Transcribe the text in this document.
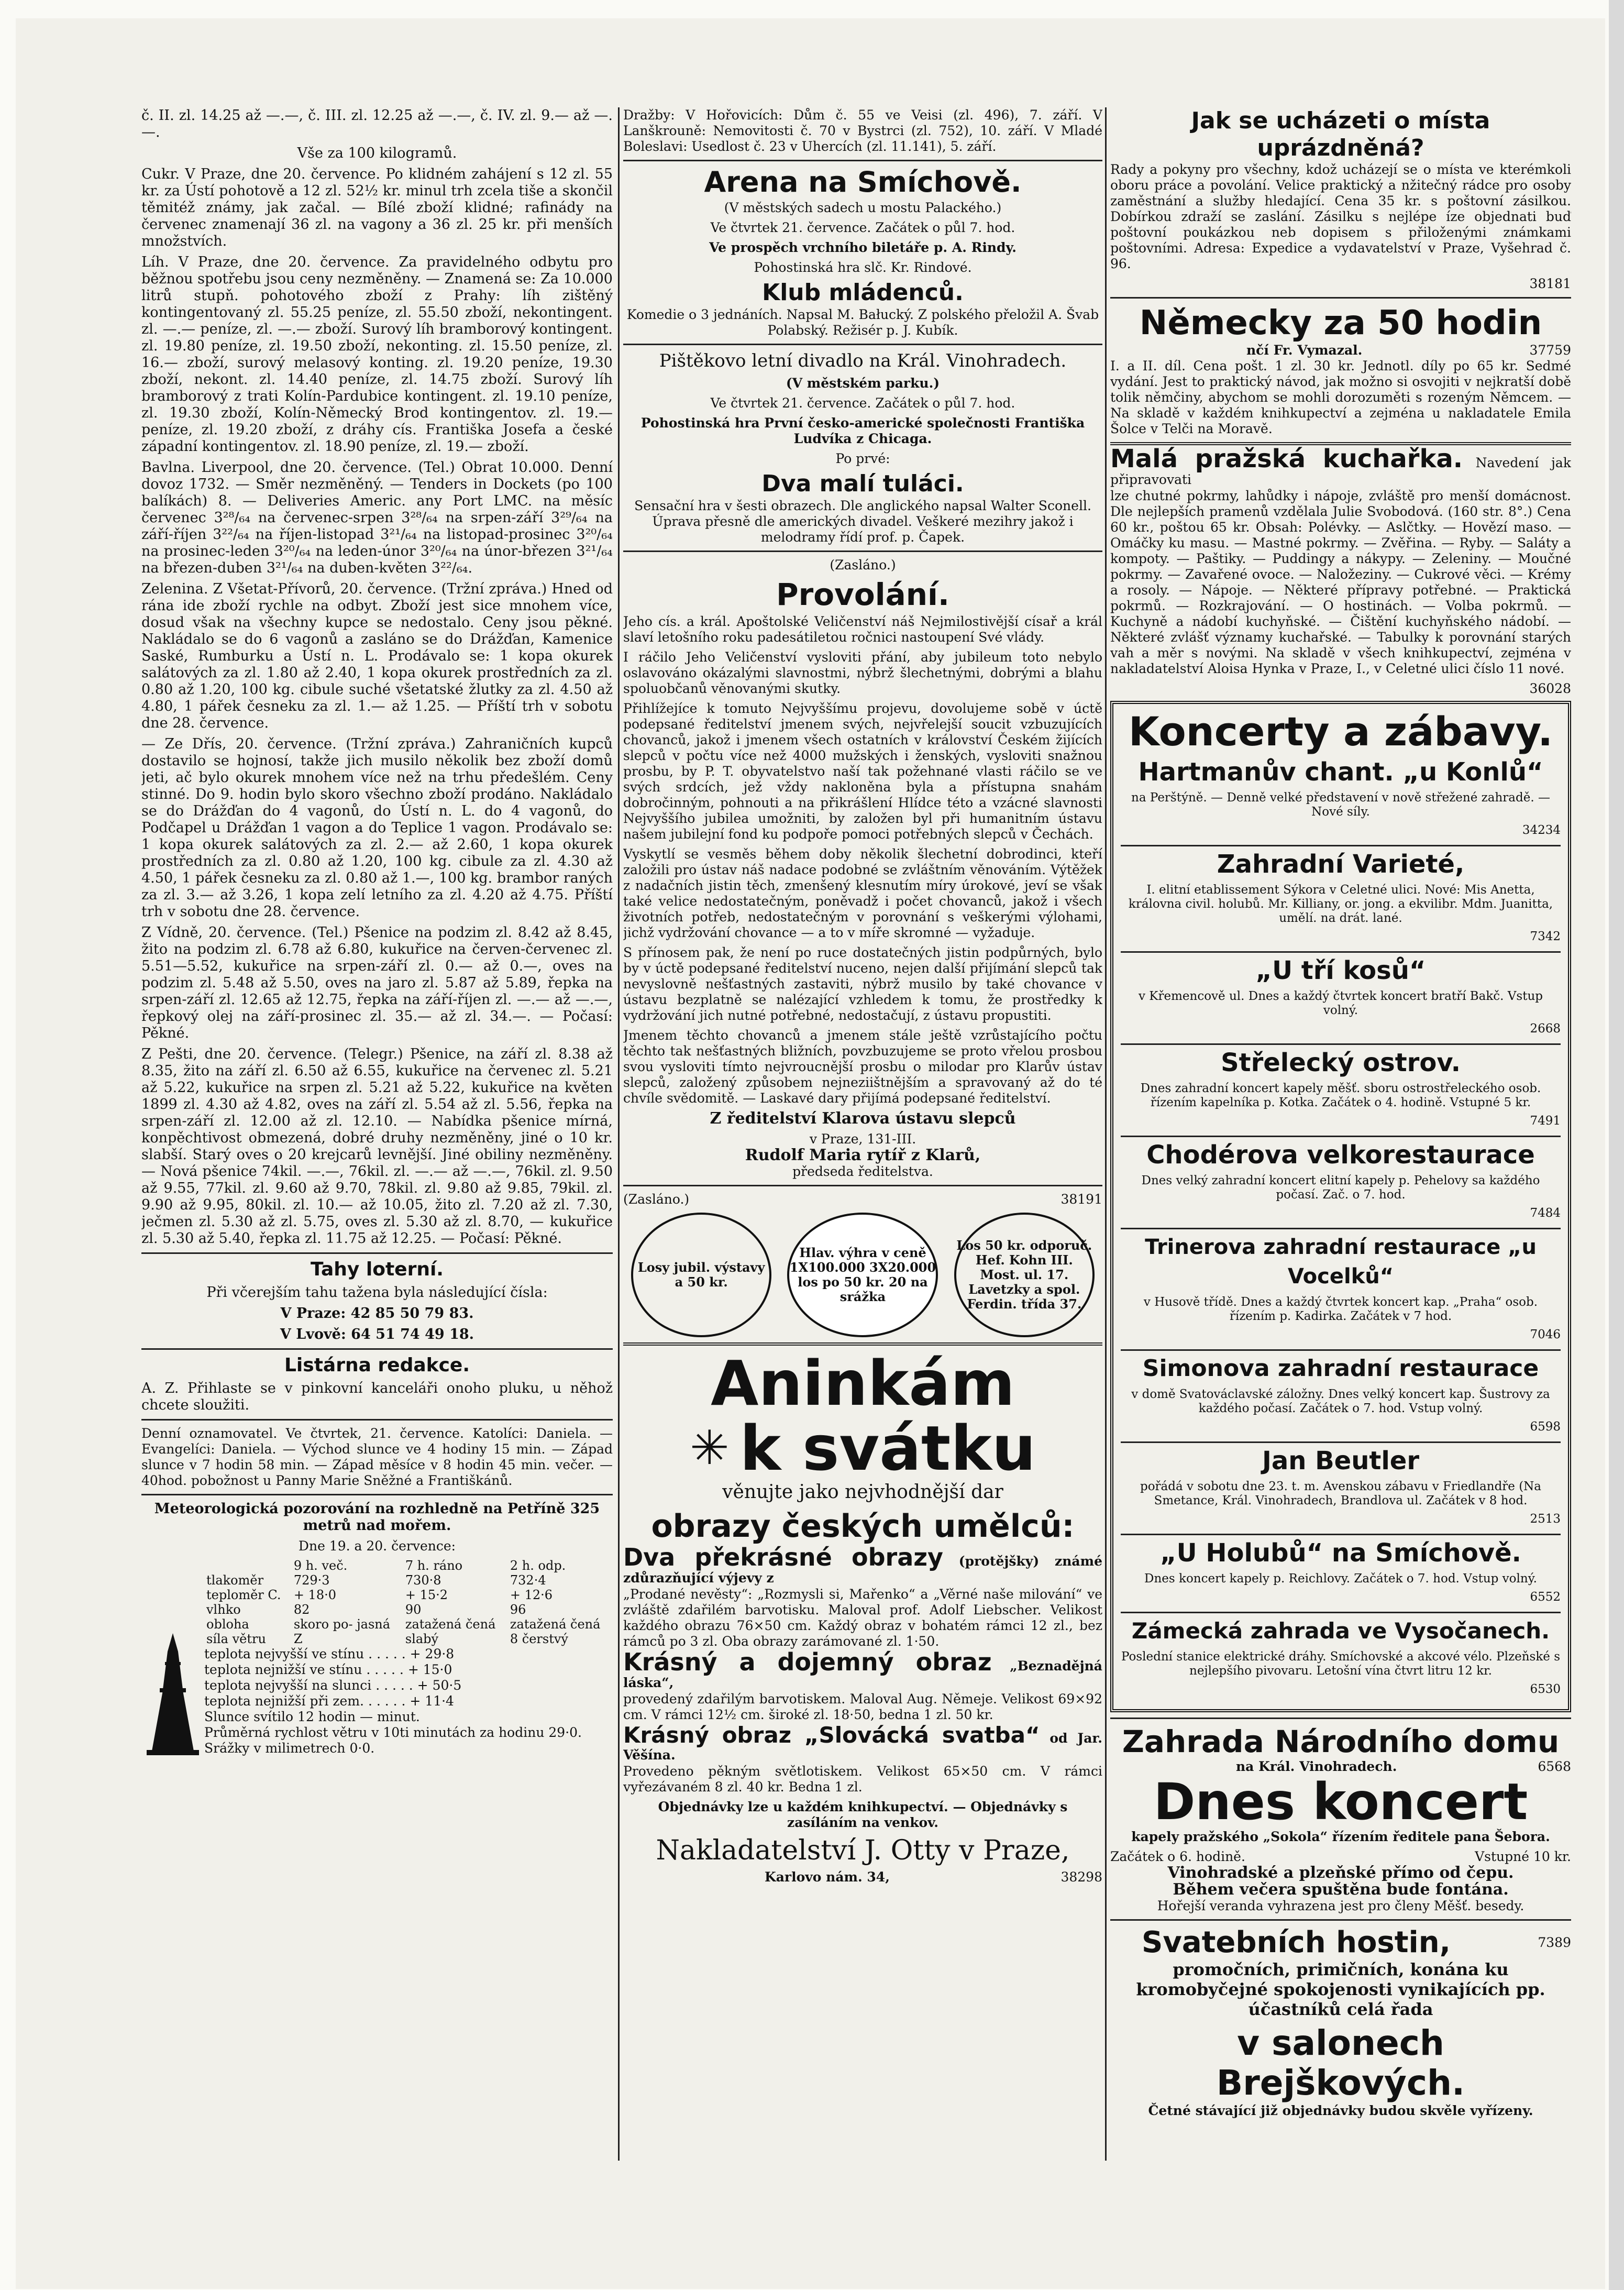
č. II. zl. 14.25 až —.—, č. III. zl. 12.25 až —.—, č. IV. zl. 9.— až —.—.

Vše za 100 kilogramů.

Cukr. V Praze, dne 20. července. Po klidném zahájení s 12 zl. 55 kr. za Ústí pohotově a 12 zl. 52½ kr. minul trh zcela tiše a skončil těmitéž známy, jak začal. — Bílé zboží klidné; rafinády na červenec znamenají 36 zl. na vagony a 36 zl. 25 kr. při menších množstvích.

Líh. V Praze, dne 20. července. Za pravidelného odbytu pro běžnou spotřebu jsou ceny nezměněny. — Znamená se: Za 10.000 litrů stupň. pohotového zboží z Prahy: líh zištěný kontingentovaný zl. 55.25 peníze, zl. 55.50 zboží, nekontingent. zl. —.— peníze, zl. —.— zboží. Surový líh bramborový kontingent. zl. 19.80 peníze, zl. 19.50 zboží, nekonting. zl. 15.50 peníze, zl. 16.— zboží, surový melasový konting. zl. 19.20 peníze, 19.30 zboží, nekont. zl. 14.40 peníze, zl. 14.75 zboží. Surový líh bramborový z trati Kolín-Pardubice kontingent. zl. 19.10 peníze, zl. 19.30 zboží, Kolín-Německý Brod kontingentov. zl. 19.— peníze, zl. 19.20 zboží, z dráhy cís. Františka Josefa a české západní kontingentov. zl. 18.90 peníze, zl. 19.— zboží.

Bavlna. Liverpool, dne 20. července. (Tel.) Obrat 10.000. Denní dovoz 1732. — Směr nezměněný. — Tenders in Dockets (po 100 balíkách) 8. — Deliveries Americ. any Port LMC. na měsíc červenec 3²⁸/₆₄ na červenec-srpen 3²⁸/₆₄ na srpen-září 3²⁹/₆₄ na září-říjen 3²²/₆₄ na říjen-listopad 3²¹/₆₄ na listopad-prosinec 3²⁰/₆₄ na prosinec-leden 3²⁰/₆₄ na leden-únor 3²⁰/₆₄ na únor-březen 3²¹/₆₄ na březen-duben 3²¹/₆₄ na duben-květen 3²²/₆₄.

Zelenina. Z Všetat-Přívorů, 20. července. (Tržní zpráva.) Hned od rána ide zboží rychle na odbyt. Zboží jest sice mnohem více, dosud však na všechny kupce se nedostalo. Ceny jsou pěkné. Nakládalo se do 6 vagonů a zasláno se do Drážďan, Kamenice Saské, Rumburku a Ústí n. L. Prodávalo se: 1 kopa okurek salátových za zl. 1.80 až 2.40, 1 kopa okurek prostředních za zl. 0.80 až 1.20, 100 kg. cibule suché všetatské žlutky za zl. 4.50 až 4.80, 1 pářek česneku za zl. 1.— až 1.25. — Příští trh v sobotu dne 28. července.

— Ze Dřís, 20. července. (Tržní zpráva.) Zahraničních kupců dostavilo se hojnosí, takže jich musilo několik bez zboží domů jeti, ač bylo okurek mnohem více než na trhu předešlém. Ceny stinné. Do 9. hodin bylo skoro všechno zboží prodáno. Nakládalo se do Drážďan do 4 vagonů, do Ústí n. L. do 4 vagonů, do Podčapel u Drážďan 1 vagon a do Teplice 1 vagon. Prodávalo se: 1 kopa okurek salátových za zl. 2.— až 2.60, 1 kopa okurek prostředních za zl. 0.80 až 1.20, 100 kg. cibule za zl. 4.30 až 4.50, 1 pářek česneku za zl. 0.80 až 1.—, 100 kg. brambor raných za zl. 3.— až 3.26, 1 kopa zelí letního za zl. 4.20 až 4.75. Příští trh v sobotu dne 28. července.

Z Vídně, 20. července. (Tel.) Pšenice na podzim zl. 8.42 až 8.45, žito na podzim zl. 6.78 až 6.80, kukuřice na červen-červenec zl. 5.51—5.52, kukuřice na srpen-září zl. 0.— až 0.—, oves na podzim zl. 5.48 až 5.50, oves na jaro zl. 5.87 až 5.89, řepka na srpen-září zl. 12.65 až 12.75, řepka na září-říjen zl. —.— až —.—, řepkový olej na září-prosinec zl. 35.— až zl. 34.—. — Počasí: Pěkné.

Z Pešti, dne 20. července. (Telegr.) Pšenice, na září zl. 8.38 až 8.35, žito na září zl. 6.50 až 6.55, kukuřice na červenec zl. 5.21 až 5.22, kukuřice na srpen zl. 5.21 až 5.22, kukuřice na květen 1899 zl. 4.30 až 4.82, oves na září zl. 5.54 až zl. 5.56, řepka na srpen-září zl. 12.00 až zl. 12.10. — Nabídka pšenice mírná, konpěchtivost obmezená, dobré druhy nezměněny, jiné o 10 kr. slabší. Starý oves o 20 krejcarů levnější. Jiné obiliny nezměněny. — Nová pšenice 74kil. —.—, 76kil. zl. —.— až —.—, 76kil. zl. 9.50 až 9.55, 77kil. zl. 9.60 až 9.70, 78kil. zl. 9.80 až 9.85, 79kil. zl. 9.90 až 9.95, 80kil. zl. 10.— až 10.05, žito zl. 7.20 až zl. 7.30, ječmen zl. 5.30 až zl. 5.75, oves zl. 5.30 až zl. 8.70, — kukuřice zl. 5.30 až 5.40, řepka zl. 11.75 až 12.25. — Počasí: Pěkné.

Tahy loterní.

Při včerejším tahu tažena byla následující čísla:

V Praze: 42 85 50 79 83.

V Lvově: 64 51 74 49 18.

Listárna redakce.

A. Z. Přihlaste se v pinkovní kanceláři onoho pluku, u něhož chcete sloužiti.

Denní oznamovatel. Ve čtvrtek, 21. července. Katolíci: Daniela. — Evangelíci: Daniela. — Východ slunce ve 4 hodiny 15 min. — Západ slunce v 7 hodin 58 min. — Západ měsíce v 8 hodin 45 min. večer. — 40hod. pobožnost u Panny Marie Sněžné a Františkánů.

Meteorologická pozorování na rozhledně na Petříně 325 metrů nad mořem.

Dne 19. a 20. července:

	9 h. več.	7 h. ráno	2 h. odp.
tlakoměr	729·3	730·8	732·4
teploměr C.	+ 18·0	+ 15·2	+ 12·6
vlhko	82	90	96
obloha	skoro po- jasná	zatažená čená	zatažená čená
síla větru	Z	slabý	8 čerstvý

teplota nejvyšší ve stínu . . . . . + 29·8

teplota nejnižší ve stínu . . . . . + 15·0

teplota nejvyšší na slunci . . . . . + 50·5

teplota nejnižší při zem. . . . . . + 11·4

Slunce svítilo 12 hodin — minut.

Průměrná rychlost větru v 10ti minutách za hodinu 29·0.

Srážky v milimetrech 0·0.

Dražby: V Hořovicích: Dům č. 55 ve Veisi (zl. 496), 7. září. V Lanškrouně: Nemovitosti č. 70 v Bystrci (zl. 752), 10. září. V Mladé Boleslavi: Usedlost č. 23 v Uhercích (zl. 11.141), 5. září.

Arena na Smíchově.

(V městských sadech u mostu Palackého.)

Ve čtvrtek 21. července. Začátek o půl 7. hod.

Ve prospěch vrchního biletáře p. A. Rindy.

Pohostinská hra slč. Kr. Rindové.

Klub mládenců.

Komedie o 3 jednáních. Napsal M. Bałucký. Z polského přeložil A. Švab Polabský. Režisér p. J. Kubík.

Pištěkovo letní divadlo na Král. Vinohradech.

(V městském parku.)

Ve čtvrtek 21. července. Začátek o půl 7. hod.

Pohostinská hra První česko-americké společnosti Františka Ludvíka z Chicaga.

Po prvé:

Dva malí tuláci.

Sensační hra v šesti obrazech. Dle anglického napsal Walter Sconell. Úprava přesně dle amerických divadel. Veškeré mezihry jakož i melodramy řídí prof. p. Čapek.

(Zasláno.)

Provolání.

Jeho cís. a král. Apoštolské Veličenství náš Nejmilostivější císař a král slaví letošního roku padesátiletou ročnici nastoupení Své vlády.

I ráčilo Jeho Veličenství vysloviti přání, aby jubileum toto nebylo oslavováno okázalými slavnostmi, nýbrž šlechetnými, dobrými a blahu spoluobčanů věnovanými skutky.

Přihlížejíce k tomuto Nejvyššímu projevu, dovolujeme sobě v úctě podepsané ředitelství jmenem svých, nejvřelejší soucit vzbuzujících chovanců, jakož i jmenem všech ostatních v království Českém žijících slepců v počtu více než 4000 mužských i ženských, vysloviti snažnou prosbu, by P. T. obyvatelstvo naší tak požehnané vlasti ráčilo se ve svých srdcích, jež vždy nakloněna byla a přístupna snahám dobročinným, pohnouti a na přikrášlení Hlídce této a vzácné slavnosti Nejvyššího jubilea umožniti, by založen byl při humanitním ústavu našem jubilejní fond ku podpoře pomoci potřebných slepců v Čechách.

Vyskytlí se vesměs během doby několik šlechetní dobrodinci, kteří založili pro ústav náš nadace podobné se zvláštním věnováním. Výtěžek z nadačních jistin těch, zmenšený klesnutím míry úrokové, jeví se však také velice nedostatečným, poněvadž i počet chovanců, jakož i všech životních potřeb, nedostatečným v porovnání s veškerými výlohami, jichž vydržování chovance — a to v míře skromné — vyžaduje.

S přínosem pak, že není po ruce dostatečných jistin podpůrných, bylo by v úctě podepsané ředitelství nuceno, nejen další přijímání slepců tak nevyslovně nešťastných zastaviti, nýbrž musilo by také chovance v ústavu bezplatně se nalézající vzhledem k tomu, že prostředky k vydržování jich nutné potřebné, nedostačují, z ústavu propustiti.

Jmenem těchto chovanců a jmenem stále ještě vzrůstajícího počtu těchto tak nešťastných bližních, povzbuzujeme se proto vřelou prosbou svou vysloviti tímto nejvroucnější prosbu o milodar pro Klarův ústav slepců, založený způsobem nejneziištnějším a spravovaný až do té chvíle svědomitě. — Laskavé dary přijímá podepsané ředitelství.

Z ředitelství Klarova ústavu slepců

v Praze, 131-III.

Rudolf Maria rytíř z Klarů,

předseda ředitelstva.

(Zasláno.)	38191
Losy jubil. výstavy a 50 kr.
Hlav. výhra v ceně 1X100.000 3X20.000 los po 50 kr. 20 na srážka
Los 50 kr. odporuč. Hef. Kohn III. Most. ul. 17. Lavetzky a spol. Ferdin. třída 37.

Aninkám

✳ k svátku

věnujte jako nejvhodnější dar

obrazy českých umělců:

Dva překrásné obrazy (protějšky) známé zdůrazňující výjevy z

„Prodané nevěsty“: „Rozmysli si, Mařenko“ a „Věrné naše milování“ ve zvláště zdařilém barvotisku. Maloval prof. Adolf Liebscher. Velikost každého obrazu 76×50 cm. Každý obraz v bohatém rámci 12 zl., bez rámců po 3 zl. Oba obrazy zarámované zl. 1·50.

Krásný a dojemný obraz „Beznadějná láska“,

provedený zdařilým barvotiskem. Maloval Aug. Němeje. Velikost 69×92 cm. V rámci 12½ cm. široké zl. 18·50, bedna 1 zl. 50 kr.

Krásný obraz „Slovácká svatba“ od Jar. Věšína.

Provedeno pěkným světlotiskem. Velikost 65×50 cm. V rámci vyřezávaném 8 zl. 40 kr. Bedna 1 zl.

Objednávky lze u každém knihkupectví. — Objednávky s zasíláním na venkov.

Nakladatelství J. Otty v Praze,

Karlovo nám. 34,	38298

Jak se ucházeti o místa uprázdněná?

Rady a pokyny pro všechny, kdož ucházejí se o místa ve kterémkoli oboru práce a povolání. Velice praktický a nžitečný rádce pro osoby zaměstnání a služby hledající. Cena 35 kr. s poštovní zásilkou. Dobírkou zdraží se zaslání. Zásilku s nejlépe íze objednati buď poštovní poukázkou neb dopisem s přiloženými známkami poštovními. Adresa: Expedice a vydavatelství v Praze, Vyšehrad č. 96.

38181

Německy za 50 hodin

nčí Fr. Vymazal.	37759

I. a II. díl. Cena pošt. 1 zl. 30 kr. Jednotl. díly po 65 kr. Sedmé vydání. Jest to praktický návod, jak možno si osvojiti v nejkratší době tolik němčiny, abychom se mohli dorozuměti s rozeným Němcem. — Na skladě v každém knihkupectví a zejména u nakladatele Emila Šolce v Telči na Moravě.

Malá pražská kuchařka. Navedení jak připravovati

lze chutné pokrmy, lahůdky i nápoje, zvláště pro menší domácnost. Dle nejlepších pramenů vzdělala Julie Svobodová. (160 str. 8°.) Cena 60 kr., poštou 65 kr. Obsah: Polévky. — Aslčtky. — Hovězí maso. — Omáčky ku masu. — Mastné pokrmy. — Zvěřina. — Ryby. — Saláty a kompoty. — Paštiky. — Puddingy a nákypy. — Zeleniny. — Moučné pokrmy. — Zavařené ovoce. — Naložeziny. — Cukrové věci. — Krémy a rosoly. — Nápoje. — Některé přípravy potřebné. — Praktická pokrmů. — Rozkrajování. — O hostinách. — Volba pokrmů. — Kuchyně a nádobí kuchyňské. — Čištění kuchyňského nádobí. — Některé zvlášť významy kuchařské. — Tabulky k porovnání starých vah a měr s novými. Na skladě v všech knihkupectví, zejména v nakladatelství Aloisa Hynka v Praze, I., v Celetné ulici číslo 11 nové.

36028

Koncerty a zábavy.

Hartmanův chant. „u Konlů“

na Perštýně. — Denně velké představení v nově střežené zahradě. — Nové síly.

34234

Zahradní Varieté,

I. elitní etablissement Sýkora v Celetné ulici. Nové: Mis Anetta, královna civil. holubů. Mr. Killiany, or. jong. a ekvilibr. Mdm. Juanitta, umělí. na drát. lané.

7342

„U tří kosů“

v Křemencově ul. Dnes a každý čtvrtek koncert bratří Bakč. Vstup volný.

2668

Střelecký ostrov.

Dnes zahradní koncert kapely měšť. sboru ostrostřeleckého osob. řízením kapelníka p. Kotka. Začátek o 4. hodině. Vstupné 5 kr.

7491

Chodérova velkorestaurace

Dnes velký zahradní koncert elitní kapely p. Pehelovy sa každého počasí. Zač. o 7. hod.

7484

Trinerova zahradní restaurace „u Vocelků“

v Husově třídě. Dnes a každý čtvrtek koncert kap. „Praha“ osob. řízením p. Kadirka. Začátek v 7 hod.

7046

Simonova zahradní restaurace

v domě Svatováclavské záložny. Dnes velký koncert kap. Šustrovy za každého počasí. Začátek o 7. hod. Vstup volný.

6598

Jan Beutler

pořádá v sobotu dne 23. t. m. Avenskou zábavu v Friedlandře (Na Smetance, Král. Vinohradech, Brandlova ul. Začátek v 8 hod.

2513

„U Holubů“ na Smíchově.

Dnes koncert kapely p. Reichlovy. Začátek o 7. hod. Vstup volný.

6552

Zámecká zahrada ve Vysočanech.

Poslední stanice elektrické dráhy. Smíchovské a akcové vélo. Plzeňské s nejlepšího pivovaru. Letošní vína čtvrt litru 12 kr.

6530

Zahrada Národního domu

na Král. Vinohradech.	6568

Dnes koncert

kapely pražského „Sokola“ řízením ředitele pana Šebora.

Začátek o 6. hodině.	Vstupné 10 kr.

Vinohradské a plzeňské přímo od čepu.

Během večera spuštěna bude fontána.

Hořejší veranda vyhrazena jest pro členy Měšť. besedy.

Svatebních hostin,	7389

promočních, primičních, konána ku kromobyčejné spokojenosti vynikajících pp. účastníků celá řada

v salonech Brejškových.

Četné stávající již objednávky budou skvěle vyřízeny.
